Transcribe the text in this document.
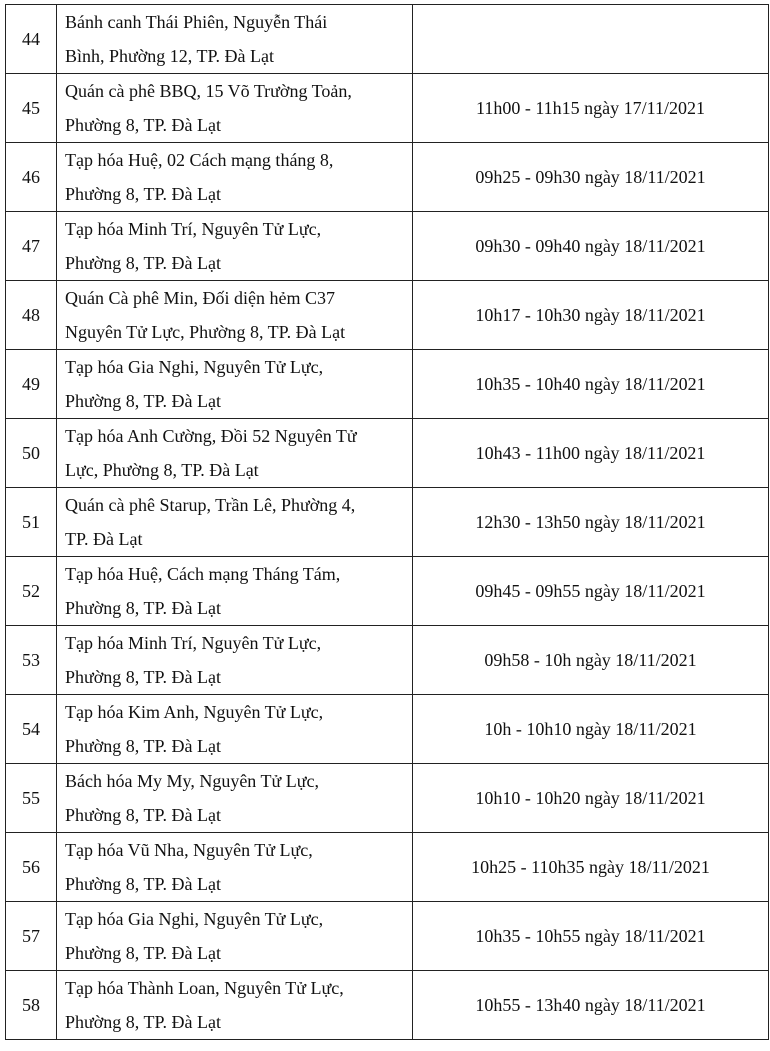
44	Bánh canh Thái Phiên, Nguyễn Thái
Bình, Phường 12, TP. Đà Lạt	

45	Quán cà phê BBQ, 15 Võ Trường Toản,
Phường 8, TP. Đà Lạt	11h00 - 11h15 ngày 17/11/2021
46	Tạp hóa Huệ, 02 Cách mạng tháng 8,
Phường 8, TP. Đà Lạt	09h25 - 09h30 ngày 18/11/2021
47	Tạp hóa Minh Trí, Nguyên Tử Lực,
Phường 8, TP. Đà Lạt	09h30 - 09h40 ngày 18/11/2021
48	Quán Cà phê Min, Đối diện hẻm C37
Nguyên Tử Lực, Phường 8, TP. Đà Lạt	10h17 - 10h30 ngày 18/11/2021
49	Tạp hóa Gia Nghi, Nguyên Tử Lực,
Phường 8, TP. Đà Lạt	10h35 - 10h40 ngày 18/11/2021
50	Tạp hóa Anh Cường, Đồi 52 Nguyên Tử
Lực, Phường 8, TP. Đà Lạt	10h43 - 11h00 ngày 18/11/2021
51	Quán cà phê Starup, Trần Lê, Phường 4,
TP. Đà Lạt	12h30 - 13h50 ngày 18/11/2021
52	Tạp hóa Huệ, Cách mạng Tháng Tám,
Phường 8, TP. Đà Lạt	09h45 - 09h55 ngày 18/11/2021
53	Tạp hóa Minh Trí, Nguyên Tử Lực,
Phường 8, TP. Đà Lạt	09h58 - 10h ngày 18/11/2021
54	Tạp hóa Kim Anh, Nguyên Tử Lực,
Phường 8, TP. Đà Lạt	10h - 10h10 ngày 18/11/2021
55	Bách hóa My My, Nguyên Tử Lực,
Phường 8, TP. Đà Lạt	10h10 - 10h20 ngày 18/11/2021
56	Tạp hóa Vũ Nha, Nguyên Tử Lực,
Phường 8, TP. Đà Lạt	10h25 - 110h35 ngày 18/11/2021
57	Tạp hóa Gia Nghi, Nguyên Tử Lực,
Phường 8, TP. Đà Lạt	10h35 - 10h55 ngày 18/11/2021
58	Tạp hóa Thành Loan, Nguyên Tử Lực,
Phường 8, TP. Đà Lạt	10h55 - 13h40 ngày 18/11/2021
